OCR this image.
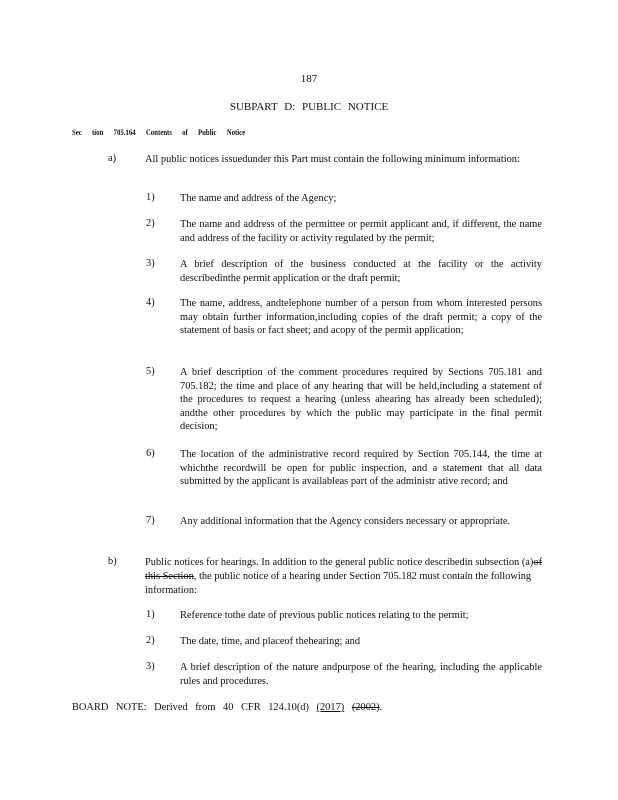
187
SUBPART D: PUBLIC NOTICE
Sec tion 705.164 Contents of Public Notice
a)	All public notices issuedunder this Part must contain the following minimum information:
1) The name and address of the Agency;
2) The name and address of the permittee or permit applicant and, if different, the name and address of the facility or activity regulated by the permit;
3) A brief description of the business conducted at the facility or the activity describedinthe permit application or the draft permit;
4) The name, address, andtelephone number of a person from whom interested persons may obtain further information,including copies of the draft permit; a copy of the statement of basis or fact sheet; and acopy of the permit application;
5) A brief description of the comment procedures required by Sections 705.181 and 705.182; the time and place of any hearing that will be held,including a statement of the procedures to request a hearing (unless ahearing has already been scheduled); andthe other procedures by which the public may participate in the final permit decision;
6) The location of the administrative record required by Section 705.144, the time at whichthe recordwill be open for public inspection, and a statement that all data submitted by the applicant is availableas part of the administr ative record; and
7) Any additional information that the Agency considers necessary or appropriate.
b)	Public notices for hearings. In addition to the general public notice describedin subsection (a)of this Section, the public notice of a hearing under Section 705.182 must contain the following information:
1) Reference tothe date of previous public notices relating to the permit;
2) The date, time, and placeof thehearing; and
3) A brief description of the nature andpurpose of the hearing, including the applicable rules and procedures.
BOARD NOTE: Derived from 40 CFR 124.10(d) (2017) (2002).
